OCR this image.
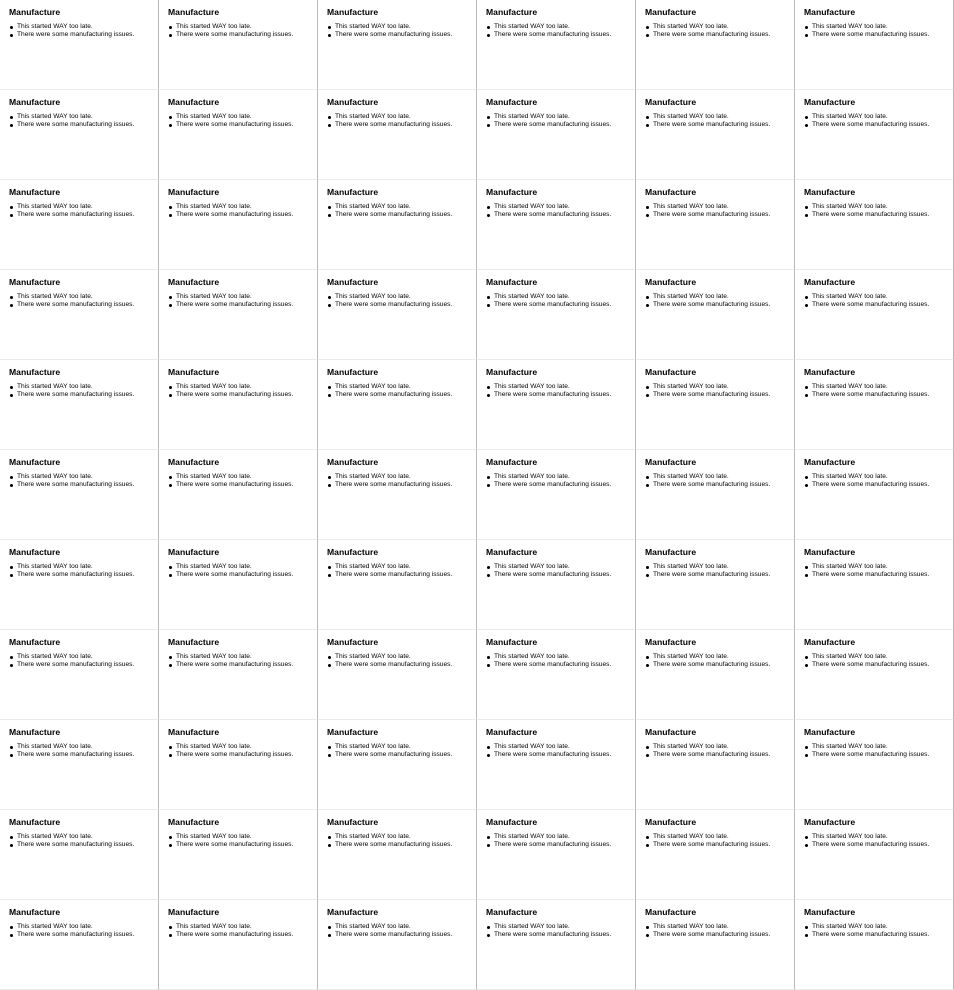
Manufacture
This started WAY too late.
There were some manufacturing issues.
Manufacture
This started WAY too late.
There were some manufacturing issues.
Manufacture
This started WAY too late.
There were some manufacturing issues.
Manufacture
This started WAY too late.
There were some manufacturing issues.
Manufacture
This started WAY too late.
There were some manufacturing issues.
Manufacture
This started WAY too late.
There were some manufacturing issues.
Manufacture
This started WAY too late.
There were some manufacturing issues.
Manufacture
This started WAY too late.
There were some manufacturing issues.
Manufacture
This started WAY too late.
There were some manufacturing issues.
Manufacture
This started WAY too late.
There were some manufacturing issues.
Manufacture
This started WAY too late.
There were some manufacturing issues.
Manufacture
This started WAY too late.
There were some manufacturing issues.
Manufacture
This started WAY too late.
There were some manufacturing issues.
Manufacture
This started WAY too late.
There were some manufacturing issues.
Manufacture
This started WAY too late.
There were some manufacturing issues.
Manufacture
This started WAY too late.
There were some manufacturing issues.
Manufacture
This started WAY too late.
There were some manufacturing issues.
Manufacture
This started WAY too late.
There were some manufacturing issues.
Manufacture
This started WAY too late.
There were some manufacturing issues.
Manufacture
This started WAY too late.
There were some manufacturing issues.
Manufacture
This started WAY too late.
There were some manufacturing issues.
Manufacture
This started WAY too late.
There were some manufacturing issues.
Manufacture
This started WAY too late.
There were some manufacturing issues.
Manufacture
This started WAY too late.
There were some manufacturing issues.
Manufacture
This started WAY too late.
There were some manufacturing issues.
Manufacture
This started WAY too late.
There were some manufacturing issues.
Manufacture
This started WAY too late.
There were some manufacturing issues.
Manufacture
This started WAY too late.
There were some manufacturing issues.
Manufacture
This started WAY too late.
There were some manufacturing issues.
Manufacture
This started WAY too late.
There were some manufacturing issues.
Manufacture
This started WAY too late.
There were some manufacturing issues.
Manufacture
This started WAY too late.
There were some manufacturing issues.
Manufacture
This started WAY too late.
There were some manufacturing issues.
Manufacture
This started WAY too late.
There were some manufacturing issues.
Manufacture
This started WAY too late.
There were some manufacturing issues.
Manufacture
This started WAY too late.
There were some manufacturing issues.
Manufacture
This started WAY too late.
There were some manufacturing issues.
Manufacture
This started WAY too late.
There were some manufacturing issues.
Manufacture
This started WAY too late.
There were some manufacturing issues.
Manufacture
This started WAY too late.
There were some manufacturing issues.
Manufacture
This started WAY too late.
There were some manufacturing issues.
Manufacture
This started WAY too late.
There were some manufacturing issues.
Manufacture
This started WAY too late.
There were some manufacturing issues.
Manufacture
This started WAY too late.
There were some manufacturing issues.
Manufacture
This started WAY too late.
There were some manufacturing issues.
Manufacture
This started WAY too late.
There were some manufacturing issues.
Manufacture
This started WAY too late.
There were some manufacturing issues.
Manufacture
This started WAY too late.
There were some manufacturing issues.
Manufacture
This started WAY too late.
There were some manufacturing issues.
Manufacture
This started WAY too late.
There were some manufacturing issues.
Manufacture
This started WAY too late.
There were some manufacturing issues.
Manufacture
This started WAY too late.
There were some manufacturing issues.
Manufacture
This started WAY too late.
There were some manufacturing issues.
Manufacture
This started WAY too late.
There were some manufacturing issues.
Manufacture
This started WAY too late.
There were some manufacturing issues.
Manufacture
This started WAY too late.
There were some manufacturing issues.
Manufacture
This started WAY too late.
There were some manufacturing issues.
Manufacture
This started WAY too late.
There were some manufacturing issues.
Manufacture
This started WAY too late.
There were some manufacturing issues.
Manufacture
This started WAY too late.
There were some manufacturing issues.
Manufacture
This started WAY too late.
There were some manufacturing issues.
Manufacture
This started WAY too late.
There were some manufacturing issues.
Manufacture
This started WAY too late.
There were some manufacturing issues.
Manufacture
This started WAY too late.
There were some manufacturing issues.
Manufacture
This started WAY too late.
There were some manufacturing issues.
Manufacture
This started WAY too late.
There were some manufacturing issues.
